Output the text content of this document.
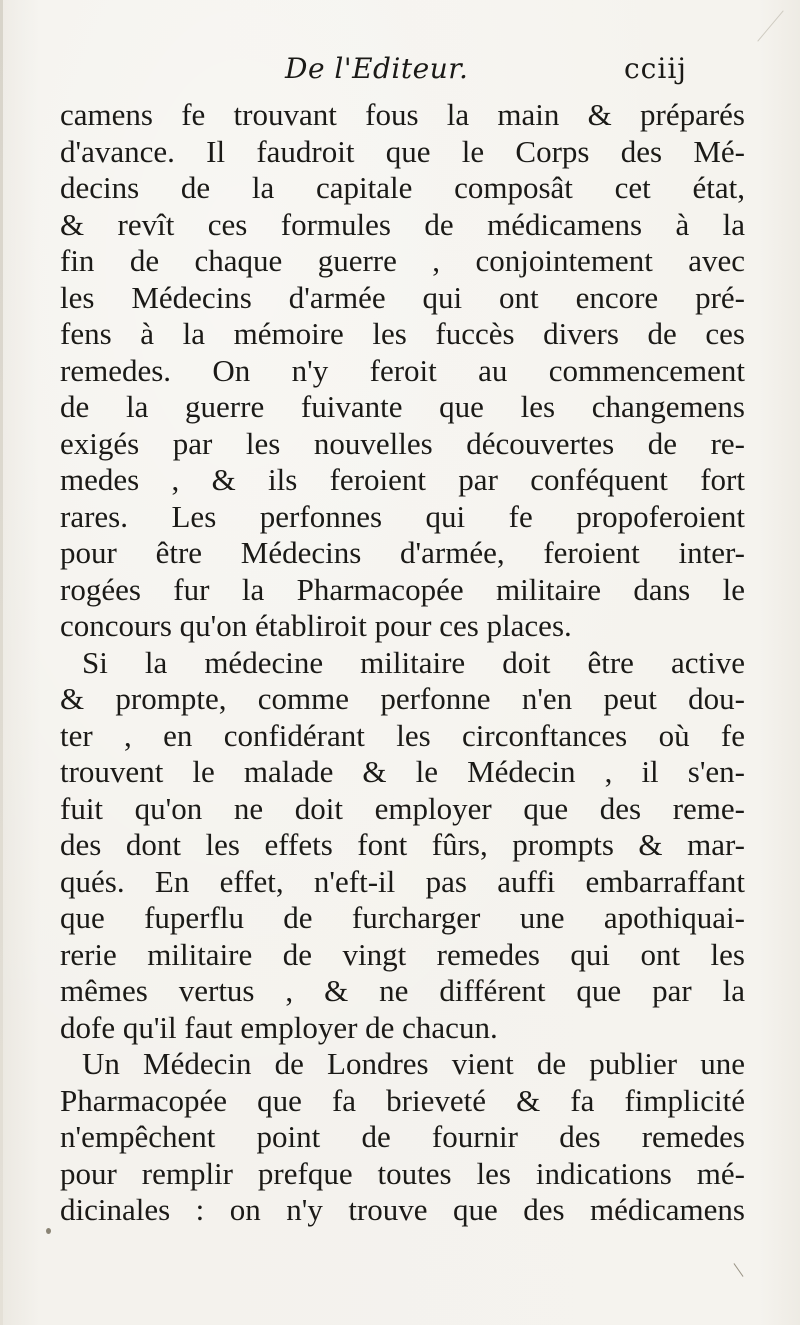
De l'Editeur.	cciij
camens fe trouvant fous la main & préparés
d'avance. Il faudroit que le Corps des Mé-
decins de la capitale composât cet état,
& revît ces formules de médicamens à la
fin de chaque guerre , conjointement avec
les Médecins d'armée qui ont encore pré-
fens à la mémoire les fuccès divers de ces
remedes. On n'y feroit au commencement
de la guerre fuivante que les changemens
exigés par les nouvelles découvertes de re-
medes , & ils feroient par conféquent fort
rares. Les perfonnes qui fe propoferoient
pour être Médecins d'armée, feroient inter-
rogées fur la Pharmacopée militaire dans le
concours qu'on établiroit pour ces places.
Si la médecine militaire doit être active
& prompte, comme perfonne n'en peut dou-
ter , en confidérant les circonftances où fe
trouvent le malade & le Médecin , il s'en-
fuit qu'on ne doit employer que des reme-
des dont les effets font fûrs, prompts & mar-
qués. En effet, n'eft-il pas auffi embarraffant
que fuperflu de furcharger une apothiquai-
rerie militaire de vingt remedes qui ont les
mêmes vertus , & ne différent que par la
dofe qu'il faut employer de chacun.
Un Médecin de Londres vient de publier une
Pharmacopée que fa brieveté & fa fimplicité
n'empêchent point de fournir des remedes
pour remplir prefque toutes les indications mé-
dicinales : on n'y trouve que des médicamens
